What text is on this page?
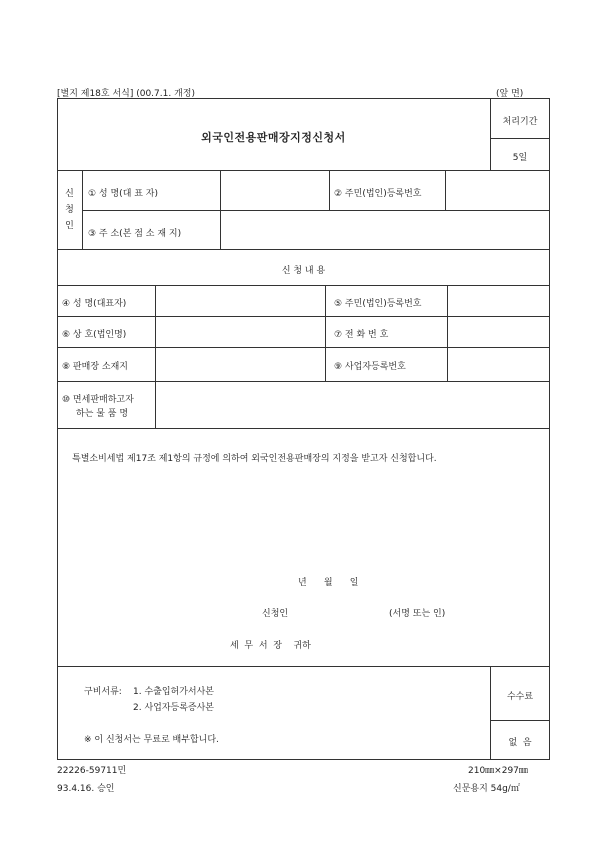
[별지 제18호 서식] (00.7.1. 개정)	(앞 면)
외국인전용판매장지정신청서
처리기간
5일
신
청
인
① 성 명(대 표 자)	② 주민(법인)등록번호
③ 주 소(본 점 소 재 지)
신 청 내 용
④ 성 명(대표자)	⑤ 주민(법인)등록번호
⑥ 상 호(법인명)	⑦ 전 화 번 호
⑧ 판매장 소재지	⑨ 사업자등록번호
⑩ 면세판매하고자
하는 물 품 명
특별소비세법 제17조 제1항의 규정에 의하여 외국인전용판매장의 지정을 받고자 신청합니다.
년      월      일
신청인	(서명 또는 인)
세  무  서  장    귀하
구비서류: 1. 수출입허가서사본
2. 사업자등록증사본
※ 이 신청서는 무료로 배부합니다.
수수료
없  음
22226-59711민
93.4.16. 승인
210㎜×297㎜
신문용지 54g/㎡
